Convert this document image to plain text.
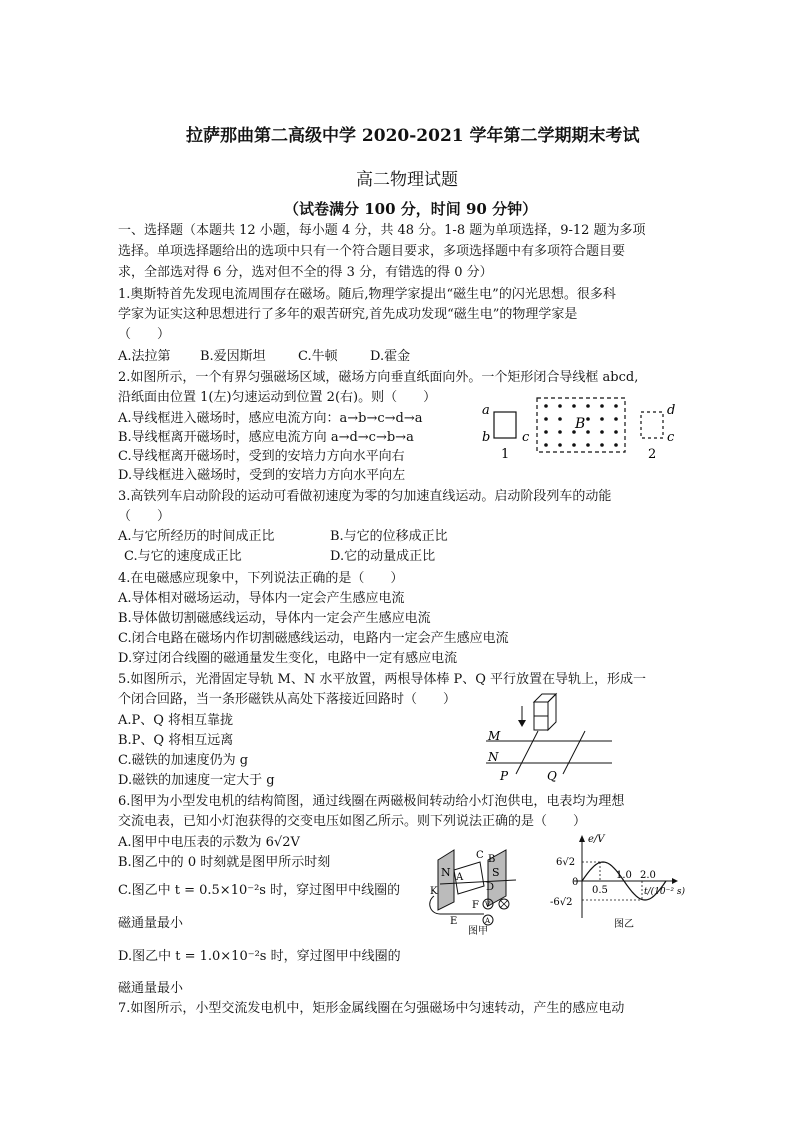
拉萨那曲第二高级中学 2020-2021 学年第二学期期末考试
高二物理试题
（试卷满分 100 分，时间 90 分钟）
一、选择题（本题共 12 小题，每小题 4 分，共 48 分。1-8 题为单项选择，9-12 题为多项
选择。单项选择题给出的选项中只有一个符合题目要求，多项选择题中有多项符合题目要
求，全部选对得 6 分，选对但不全的得 3 分，有错选的得 0 分）
1.奥斯特首先发现电流周围存在磁场。随后,物理学家提出“磁生电”的闪光思想。很多科
学家为证实这种思想进行了多年的艰苦研究,首先成功发现“磁生电”的物理学家是
（　　）
A.法拉第 B.爱因斯坦 C.牛顿 D.霍金
2.如图所示，一个有界匀强磁场区域，磁场方向垂直纸面向外。一个矩形闭合导线框 abcd,
沿纸面由位置 1(左)匀速运动到位置 2(右)。则（　　）
A.导线框进入磁场时，感应电流方向：a→b→c→d→a
B.导线框离开磁场时，感应电流方向 a→d→c→b→a
C.导线框离开磁场时，受到的安培力方向水平向右
D.导线框进入磁场时，受到的安培力方向水平向左
a
b c
1
B
d
c
2
3.高铁列车启动阶段的运动可看做初速度为零的匀加速直线运动。启动阶段列车的动能
（　　）
A.与它所经历的时间成正比	B.与它的位移成正比
C.与它的速度成正比	D.它的动量成正比
4.在电磁感应现象中，下列说法正确的是（　　）
A.导体相对磁场运动，导体内一定会产生感应电流
B.导体做切割磁感线运动，导体内一定会产生感应电流
C.闭合电路在磁场内作切割磁感线运动，电路内一定会产生感应电流
D.穿过闭合线圈的磁通量发生变化，电路中一定有感应电流
5.如图所示，光滑固定导轨 M、N 水平放置，两根导体棒 P、Q 平行放置在导轨上，形成一
个闭合回路，当一条形磁铁从高处下落接近回路时（　　）
A.P、Q 将相互靠拢
B.P、Q 将相互远离
C.磁铁的加速度仍为 g
D.磁铁的加速度一定大于 g
M
N
P	Q
6.图甲为小型发电机的结构简图，通过线圈在两磁极间转动给小灯泡供电，电表均为理想
交流电表，已知小灯泡获得的交变电压如图乙所示。则下列说法正确的是（　　）
A.图甲中电压表的示数为 6√2V
B.图乙中的 0 时刻就是图甲所示时刻
C.图乙中 t = 0.5×10⁻²s 时，穿过图甲中线圈的
磁通量最小
D.图乙中 t = 1.0×10⁻²s 时，穿过图甲中线圈的
磁通量最小
N	S
A
B
C
D
K
E
F V
A
图甲
e/V
t/(10⁻² s)
6√2
-6√2
0
0.5
1.0 2.0
图乙
7.如图所示，小型交流发电机中，矩形金属线圈在匀强磁场中匀速转动，产生的感应电动
